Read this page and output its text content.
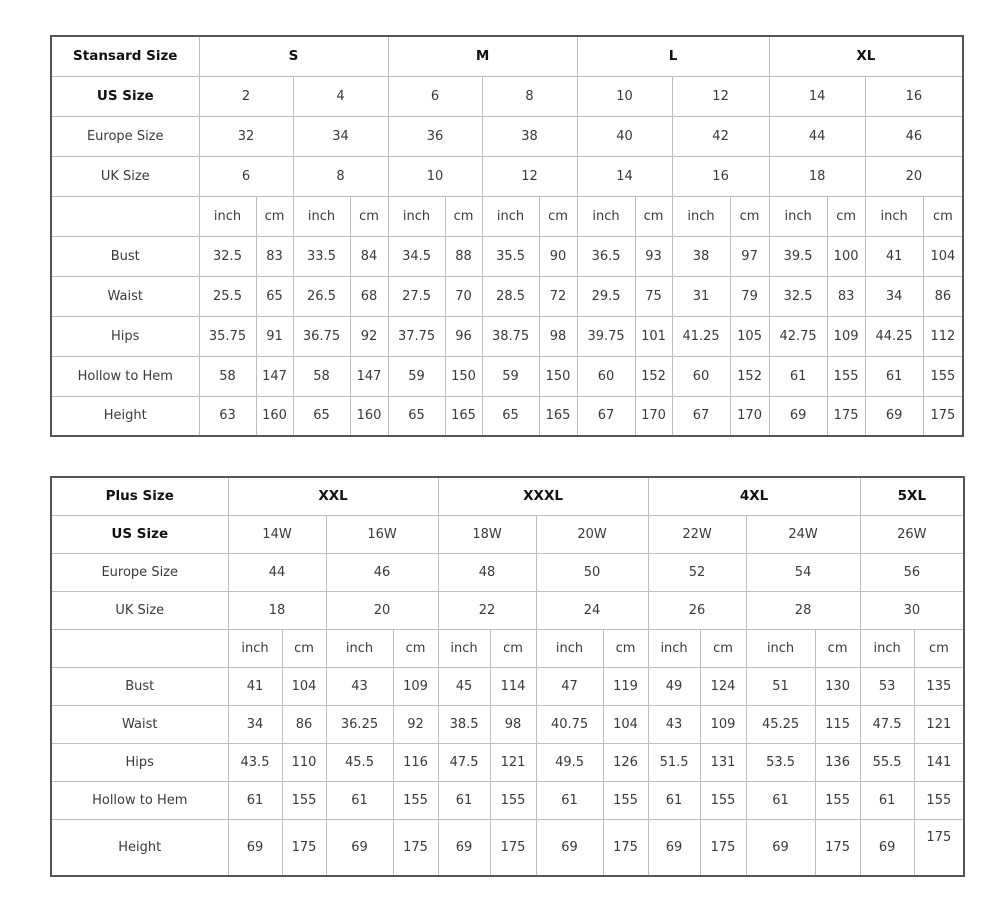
Stansard Size	S				M				L				XL			
US Size	2		4		6		8		10		12		14		16	
Europe Size	32		34		36		38		40		42		44		46	
UK Size	6		8		10		12		14		16		18		20	
	inch	cm	inch	cm	inch	cm	inch	cm	inch	cm	inch	cm	inch	cm	inch	cm
Bust	32.5	83	33.5	84	34.5	88	35.5	90	36.5	93	38	97	39.5	100	41	104
Waist	25.5	65	26.5	68	27.5	70	28.5	72	29.5	75	31	79	32.5	83	34	86
Hips	35.75	91	36.75	92	37.75	96	38.75	98	39.75	101	41.25	105	42.75	109	44.25	112
Hollow to Hem	58	147	58	147	59	150	59	150	60	152	60	152	61	155	61	155
Height	63	160	65	160	65	165	65	165	67	170	67	170	69	175	69	175
Plus Size	XXL				XXXL				4XL				5XL	
US Size	14W		16W		18W		20W		22W		24W		26W	
Europe Size	44		46		48		50		52		54		56	
UK Size	18		20		22		24		26		28		30	
	inch	cm	inch	cm	inch	cm	inch	cm	inch	cm	inch	cm	inch	cm
Bust	41	104	43	109	45	114	47	119	49	124	51	130	53	135
Waist	34	86	36.25	92	38.5	98	40.75	104	43	109	45.25	115	47.5	121
Hips	43.5	110	45.5	116	47.5	121	49.5	126	51.5	131	53.5	136	55.5	141
Hollow to Hem	61	155	61	155	61	155	61	155	61	155	61	155	61	155
Height	69	175	69	175	69	175	69	175	69	175	69	175	69	175
